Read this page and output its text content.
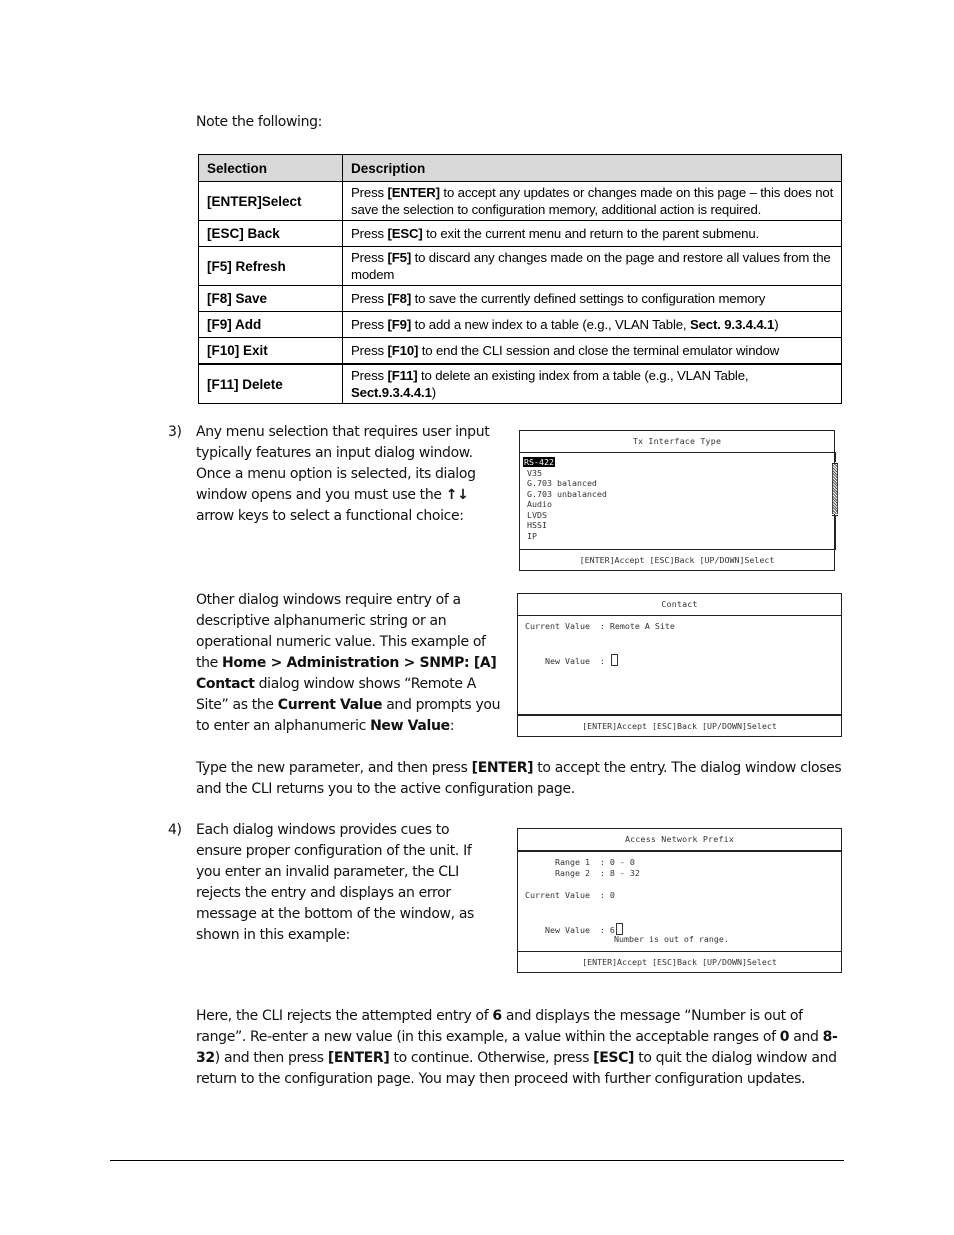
Note the following:
Selection	Description
[ENTER]Select	Press [ENTER] to accept any updates or changes made on this page – this does not save the selection to configuration memory, additional action is required.
[ESC] Back	Press [ESC] to exit the current menu and return to the parent submenu.
[F5] Refresh	Press [F5] to discard any changes made on the page and restore all values from the modem
[F8] Save	Press [F8] to save the currently defined settings to configuration memory
[F9] Add	Press [F9] to add a new index to a table (e.g., VLAN Table, Sect. 9.3.4.4.1)
[F10] Exit	Press [F10] to end the CLI session and close the terminal emulator window
[F11] Delete	Press [F11] to delete an existing index from a table (e.g., VLAN Table, Sect.9.3.4.4.1)
3) Any menu selection that requires user input typically features an input dialog window. Once a menu option is selected, its dialog window opens and you must use the ↑↓ arrow keys to select a functional choice:
Tx Interface Type
RS-422
V35
G.703 balanced
G.703 unbalanced
Audio
LVDS
HSSI
IP
[ENTER]Accept [ESC]Back [UP/DOWN]Select
Other dialog windows require entry of a descriptive alphanumeric string or an operational numeric value. This example of the Home > Administration > SNMP: [A] Contact dialog window shows “Remote A Site” as the Current Value and prompts you to enter an alphanumeric New Value:
Contact
Current Value  : Remote A Site
New Value  :
[ENTER]Accept [ESC]Back [UP/DOWN]Select
Type the new parameter, and then press [ENTER] to accept the entry. The dialog window closes and the CLI returns you to the active configuration page.
4) Each dialog windows provides cues to ensure proper configuration of the unit. If you enter an invalid parameter, the CLI rejects the entry and displays an error message at the bottom of the window, as shown in this example:
Access Network Prefix
Range 1  : 0 - 0
Range 2  : 8 - 32
Current Value  : 0
New Value  : 6
Number is out of range.
[ENTER]Accept [ESC]Back [UP/DOWN]Select
Here, the CLI rejects the attempted entry of 6 and displays the message “Number is out of range”. Re-enter a new value (in this example, a value within the acceptable ranges of 0 and 8-32) and then press [ENTER] to continue. Otherwise, press [ESC] to quit the dialog window and return to the configuration page. You may then proceed with further configuration updates.
